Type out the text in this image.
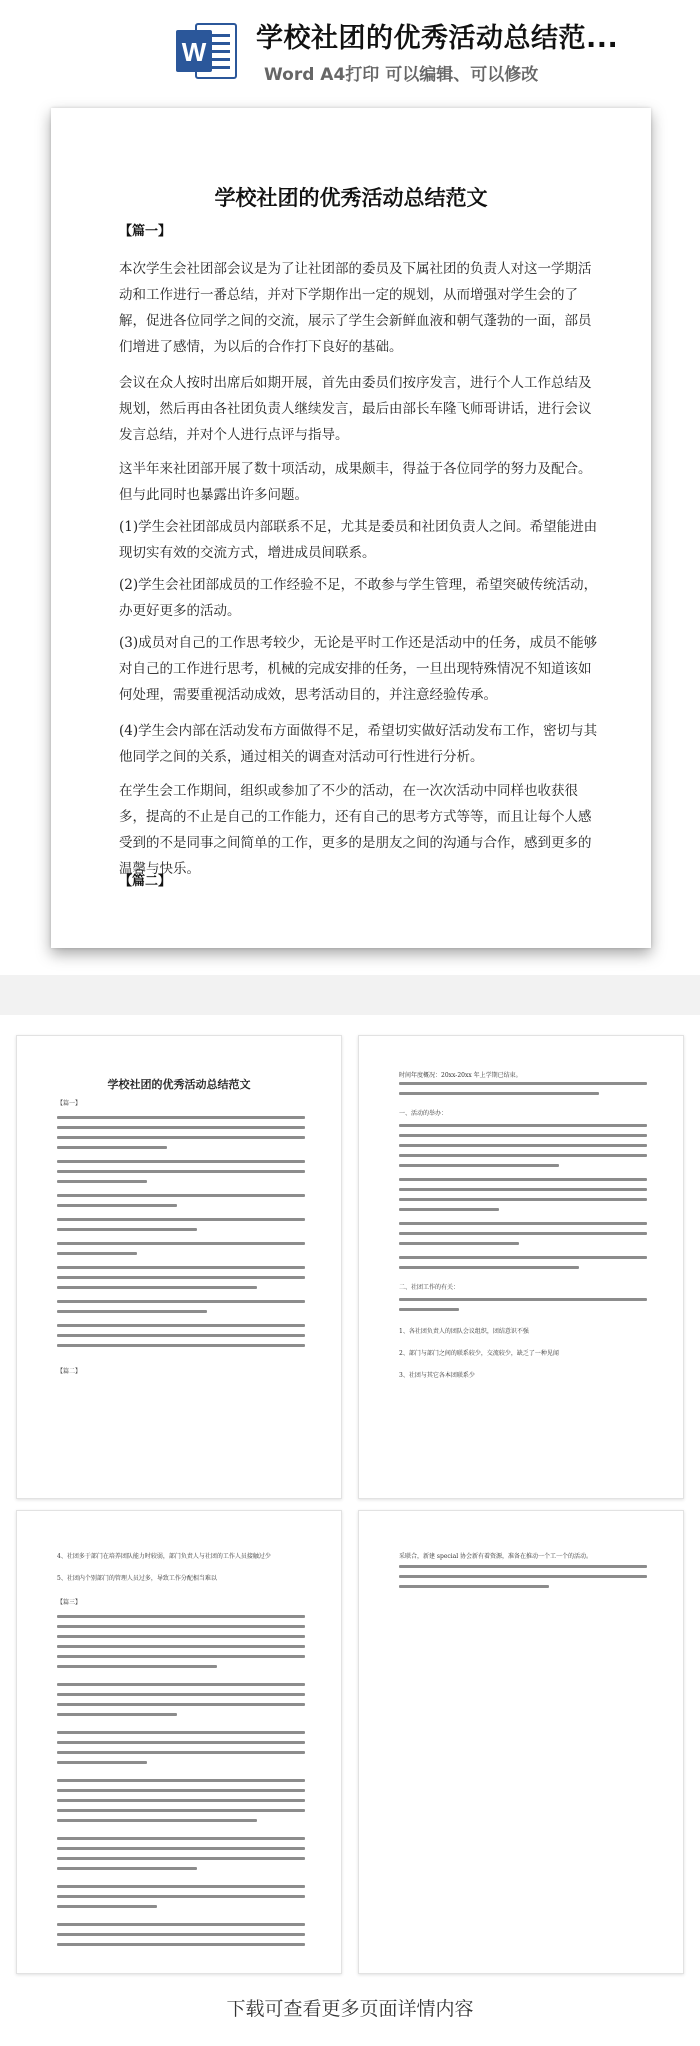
W 学校社团的优秀活动总结范...
Word A4打印 可以编辑、可以修改
学校社团的优秀活动总结范文
【篇一】
本次学生会社团部会议是为了让社团部的委员及下属社团的负责人对这一学期活动和工作进行一番总结，并对下学期作出一定的规划，从而增强对学生会的了解，促进各位同学之间的交流，展示了学生会新鲜血液和朝气蓬勃的一面，部员们增进了感情，为以后的合作打下良好的基础。
会议在众人按时出席后如期开展，首先由委员们按序发言，进行个人工作总结及规划，然后再由各社团负责人继续发言，最后由部长车隆飞师哥讲话，进行会议发言总结，并对个人进行点评与指导。
这半年来社团部开展了数十项活动，成果颇丰，得益于各位同学的努力及配合。但与此同时也暴露出许多问题。
(1)学生会社团部成员内部联系不足，尤其是委员和社团负责人之间。希望能进由现切实有效的交流方式，增进成员间联系。
(2)学生会社团部成员的工作经验不足，不敢参与学生管理，希望突破传统活动，办更好更多的活动。
(3)成员对自己的工作思考较少，无论是平时工作还是活动中的任务，成员不能够对自己的工作进行思考，机械的完成安排的任务，一旦出现特殊情况不知道该如何处理，需要重视活动成效，思考活动目的，并注意经验传承。
(4)学生会内部在活动发布方面做得不足，希望切实做好活动发布工作，密切与其他同学之间的关系，通过相关的调查对活动可行性进行分析。
在学生会工作期间，组织或参加了不少的活动，在一次次活动中同样也收获很多，提高的不止是自己的工作能力，还有自己的思考方式等等，而且让每个人感受到的不是同事之间简单的工作，更多的是朋友之间的沟通与合作，感到更多的温馨与快乐。
【篇二】
学校社团的优秀活动总结范文
【篇一】
【篇二】
时间年度概况：20xx-20xx 年上学期已结束。
一、活动的举办：
二、社团工作的有关：
1、各社团负责人的团队会议组织，团结意识不强
2、部门与部门之间的联系较少，交流较少，缺乏了一种见闻
3、社团与其它各本团联系少
4、社团多于部门在培养团队能力时较弱，部门负责人与社团的工作人员接触过少
5、社团内个别部门的管理人员过多，导致工作分配相当难以
【篇三】
采联合，新建 special 协会新有着资源，准备在推动一个工一个的活动。
下载可查看更多页面详情内容
